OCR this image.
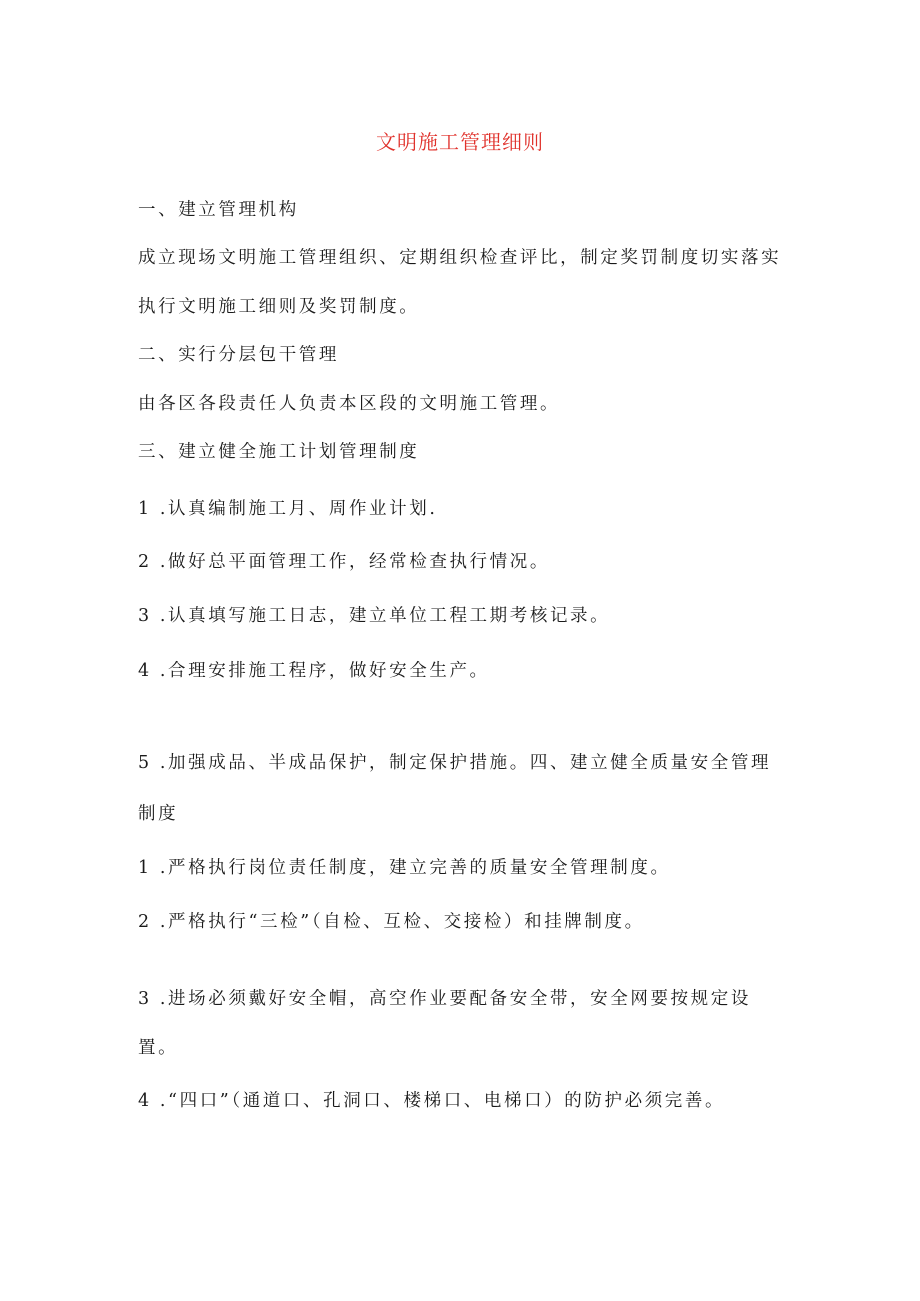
文明施工管理细则
一、建立管理机构
成立现场文明施工管理组织、定期组织检查评比，制定奖罚制度切实落实
执行文明施工细则及奖罚制度。
二、实行分层包干管理
由各区各段责任人负责本区段的文明施工管理。
三、建立健全施工计划管理制度
1 .认真编制施工月、周作业计划.
2 .做好总平面管理工作，经常检查执行情况。
3 .认真填写施工日志，建立单位工程工期考核记录。
4 .合理安排施工程序，做好安全生产。
5 .加强成品、半成品保护，制定保护措施。四、建立健全质量安全管理
制度
1 .严格执行岗位责任制度，建立完善的质量安全管理制度。
2 .严格执行“三检”（自检、互检、交接检）和挂牌制度。
3 .进场必须戴好安全帽，高空作业要配备安全带，安全网要按规定设
置。
4 .“四口”（通道口、孔洞口、楼梯口、电梯口）的防护必须完善。
